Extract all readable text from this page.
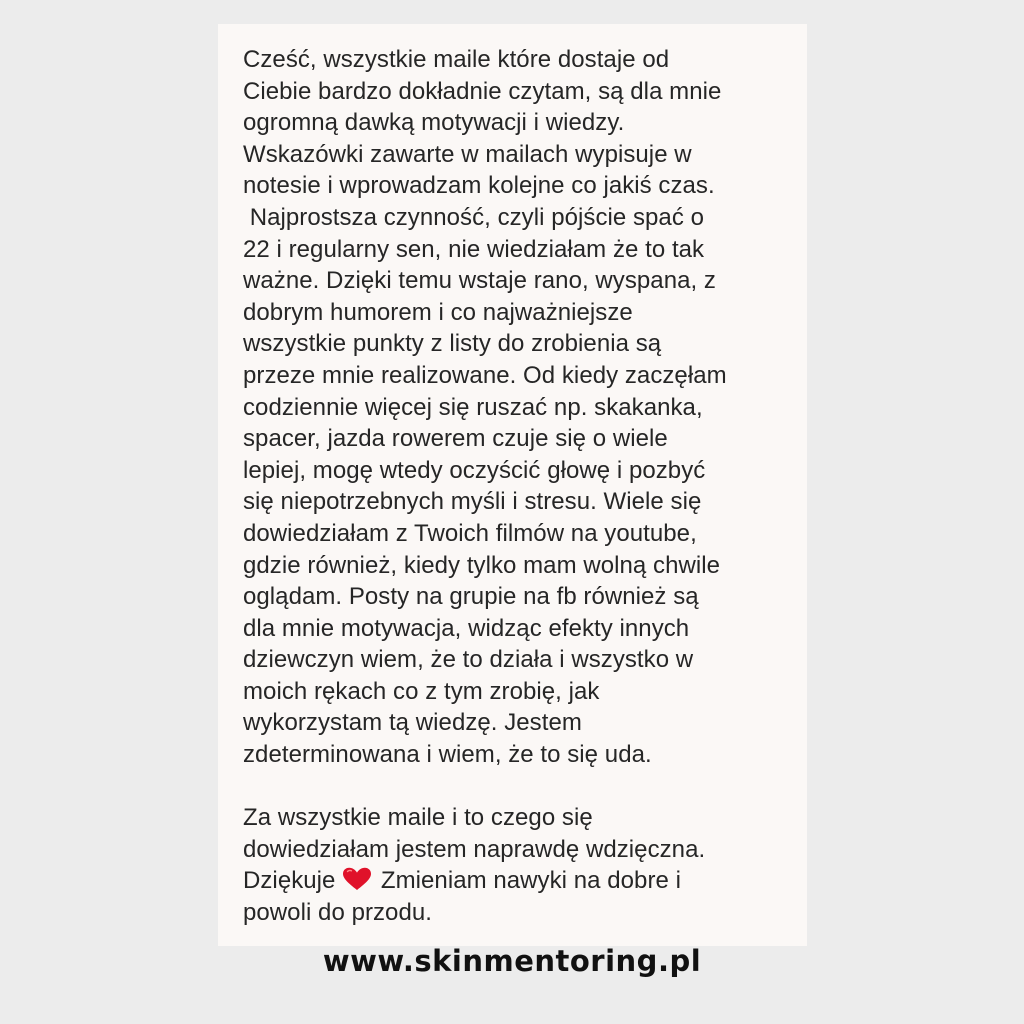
Cześć, wszystkie maile które dostaje od
Ciebie bardzo dokładnie czytam, są dla mnie
ogromną dawką motywacji i wiedzy.
Wskazówki zawarte w mailach wypisuje w
notesie i wprowadzam kolejne co jakiś czas.
Najprostsza czynność, czyli pójście spać o
22 i regularny sen, nie wiedziałam że to tak
ważne. Dzięki temu wstaje rano, wyspana, z
dobrym humorem i co najważniejsze
wszystkie punkty z listy do zrobienia są
przeze mnie realizowane. Od kiedy zaczęłam
codziennie więcej się ruszać np. skakanka,
spacer, jazda rowerem czuje się o wiele
lepiej, mogę wtedy oczyścić głowę i pozbyć
się niepotrzebnych myśli i stresu. Wiele się
dowiedziałam z Twoich filmów na youtube,
gdzie również, kiedy tylko mam wolną chwile
oglądam. Posty na grupie na fb również są
dla mnie motywacja, widząc efekty innych
dziewczyn wiem, że to działa i wszystko w
moich rękach co z tym zrobię, jak
wykorzystam tą wiedzę. Jestem
zdeterminowana i wiem, że to się uda.
Za wszystkie maile i to czego się
dowiedziałam jestem naprawdę wdzięczna.
Dziękuje
Zmieniam nawyki na dobre i
powoli do przodu.
www.skinmentoring.pl
